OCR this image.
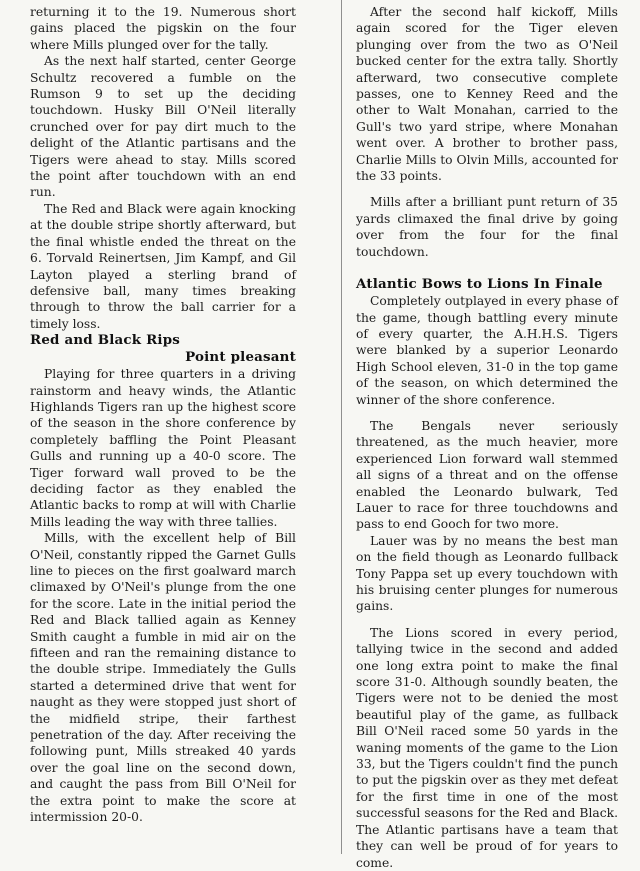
returning it to the 19. Numerous short gains placed the pigskin on the four where Mills plunged over for the tally.

As the next half started, center George Schultz recovered a fumble on the Rumson 9 to set up the deciding touchdown. Husky Bill O'Neil literally crunched over for pay dirt much to the delight of the Atlantic partisans and the Tigers were ahead to stay. Mills scored the point after touchdown with an end run.

The Red and Black were again knocking at the double stripe shortly afterward, but the final whistle ended the threat on the 6. Torvald Reinertsen, Jim Kampf, and Gil Layton played a sterling brand of defensive ball, many times breaking through to throw the ball carrier for a timely loss.

Red and Black Rips
Point pleasant

Playing for three quarters in a driving rainstorm and heavy winds, the Atlantic Highlands Tigers ran up the highest score of the season in the shore conference by completely baffling the Point Pleasant Gulls and running up a 40-0 score. The Tiger forward wall proved to be the deciding factor as they enabled the Atlantic backs to romp at will with Charlie Mills leading the way with three tallies.

Mills, with the excellent help of Bill O'Neil, constantly ripped the Garnet Gulls line to pieces on the first goalward march climaxed by O'Neil's plunge from the one for the score. Late in the initial period the Red and Black tallied again as Kenney Smith caught a fumble in mid air on the fifteen and ran the remaining distance to the double stripe. Immediately the Gulls started a determined drive that went for naught as they were stopped just short of the midfield stripe, their farthest penetration of the day. After receiving the following punt, Mills streaked 40 yards over the goal line on the second down, and caught the pass from Bill O'Neil for the extra point to make the score at intermission 20-0.

After the second half kickoff, Mills again scored for the Tiger eleven plunging over from the two as O'Neil bucked center for the extra tally. Shortly afterward, two consecutive complete passes, one to Kenney Reed and the other to Walt Monahan, carried to the Gull's two yard stripe, where Monahan went over. A brother to brother pass, Charlie Mills to Olvin Mills, accounted for the 33 points.

Mills after a brilliant punt return of 35 yards climaxed the final drive by going over from the four for the final touchdown.

Atlantic Bows to Lions In Finale

Completely outplayed in every phase of the game, though battling every minute of every quarter, the A.H.H.S. Tigers were blanked by a superior Leonardo High School eleven, 31-0 in the top game of the season, on which determined the winner of the shore conference.

The Bengals never seriously threatened, as the much heavier, more experienced Lion forward wall stemmed all signs of a threat and on the offense enabled the Leonardo bulwark, Ted Lauer to race for three touchdowns and pass to end Gooch for two more.

Lauer was by no means the best man on the field though as Leonardo fullback Tony Pappa set up every touchdown with his bruising center plunges for numerous gains.

The Lions scored in every period, tallying twice in the second and added one long extra point to make the final score 31-0. Although soundly beaten, the Tigers were not to be denied the most beautiful play of the game, as fullback Bill O'Neil raced some 50 yards in the waning moments of the game to the Lion 33, but the Tigers couldn't find the punch to put the pigskin over as they met defeat for the first time in one of the most successful seasons for the Red and Black. The Atlantic partisans have a team that they can well be proud of for years to come.
